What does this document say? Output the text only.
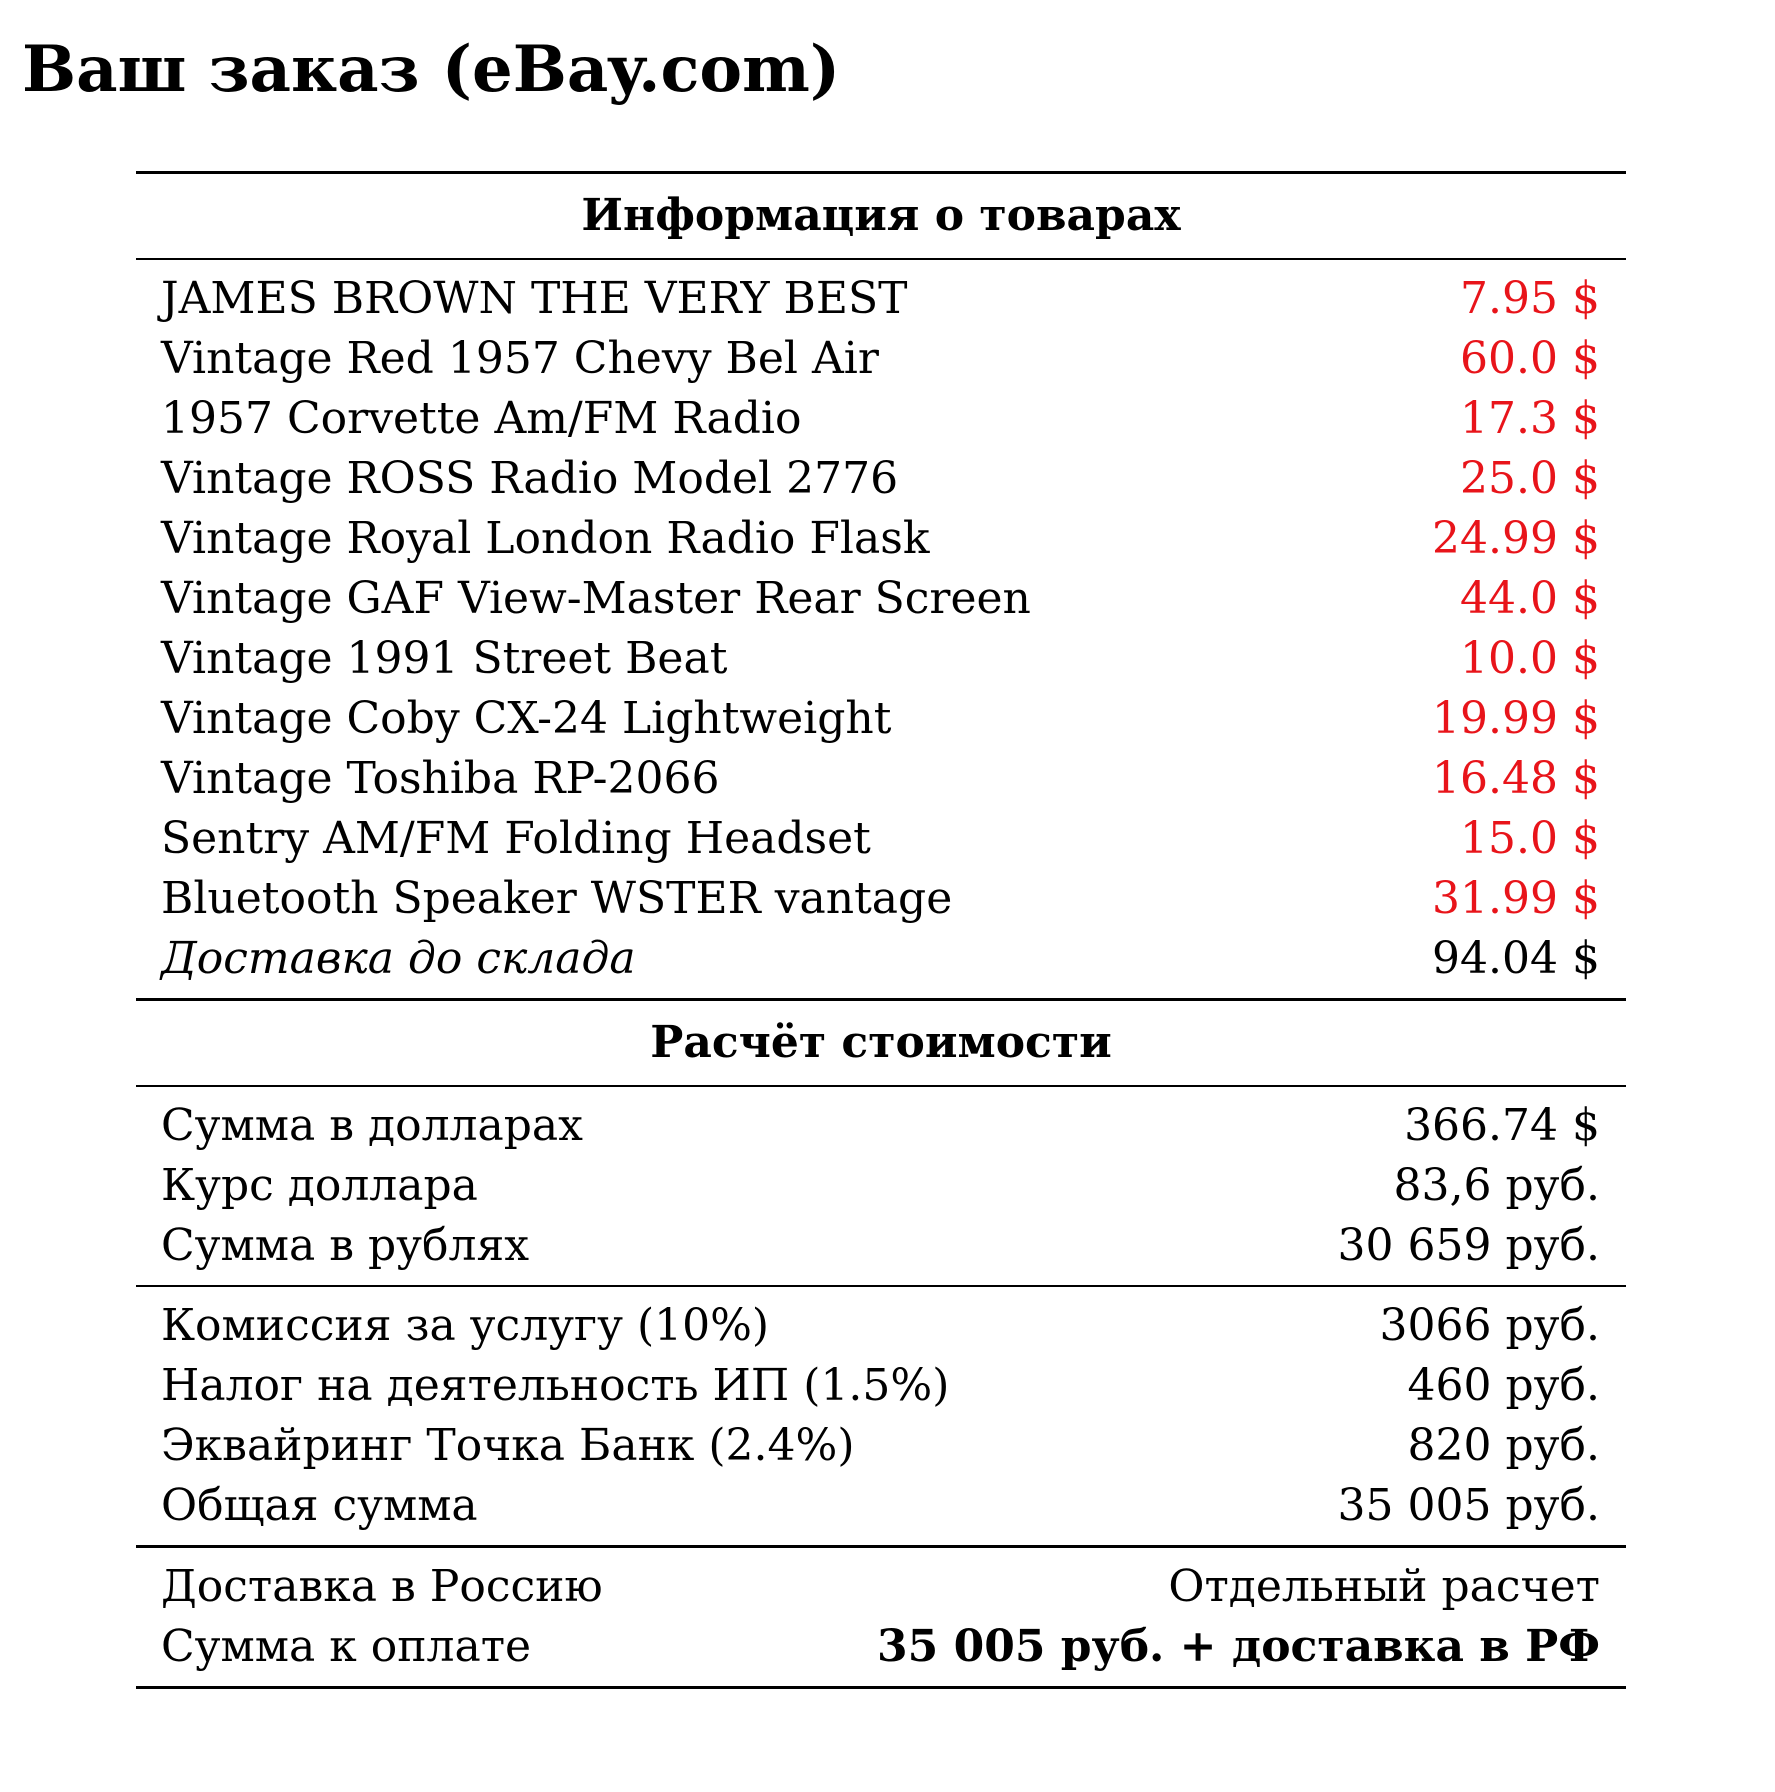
Ваш заказ (eBay.com)
Информация о товарах
JAMES BROWN THE VERY BEST	7.95 $
Vintage Red 1957 Chevy Bel Air	60.0 $
1957 Corvette Am/FM Radio	17.3 $
Vintage ROSS Radio Model 2776	25.0 $
Vintage Royal London Radio Flask	24.99 $
Vintage GAF View-Master Rear Screen	44.0 $
Vintage 1991 Street Beat	10.0 $
Vintage Coby CX-24 Lightweight	19.99 $
Vintage Toshiba RP-2066	16.48 $
Sentry AM/FM Folding Headset	15.0 $
Bluetooth Speaker WSTER vantage	31.99 $
Доставка до склада	94.04 $
Расчёт стоимости
Сумма в долларах	366.74 $
Курс доллара	83,6 руб.
Сумма в рублях	30 659 руб.
Комиссия за услугу (10%)	3066 руб.
Налог на деятельность ИП (1.5%)	460 руб.
Эквайринг Точка Банк (2.4%)	820 руб.
Общая сумма	35 005 руб.
Доставка в Россию	Отдельный расчет
Сумма к оплате	35 005 руб. + доставка в РФ
